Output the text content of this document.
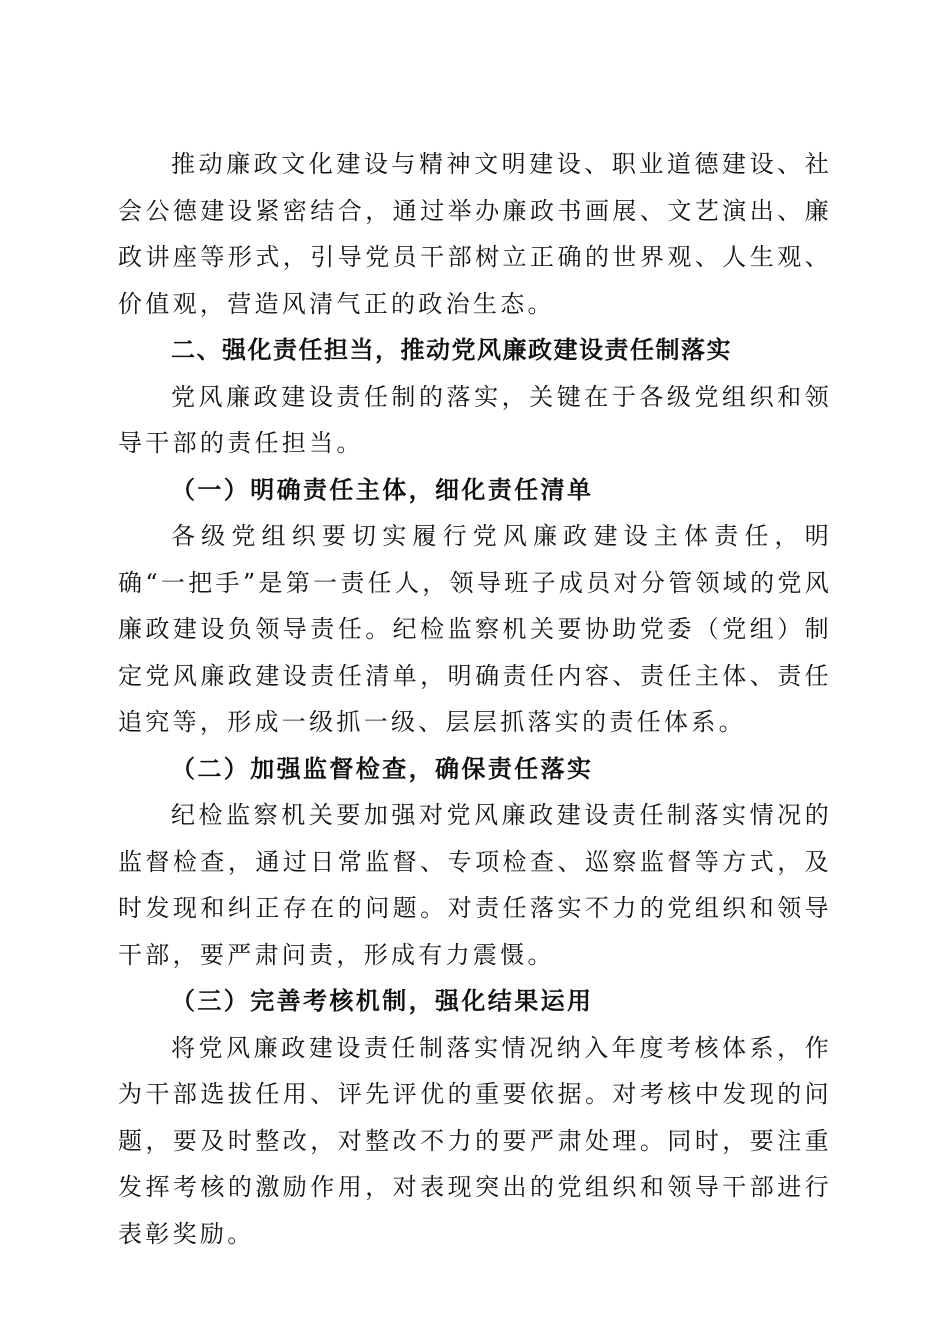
推动廉政文化建设与精神文明建设、职业道德建设、社会公德建设紧密结合，通过举办廉政书画展、文艺演出、廉政讲座等形式，引导党员干部树立正确的世界观、人生观、价值观，营造风清气正的政治生态。

二、强化责任担当，推动党风廉政建设责任制落实

党风廉政建设责任制的落实，关键在于各级党组织和领导干部的责任担当。

（一）明确责任主体，细化责任清单

各级党组织要切实履行党风廉政建设主体责任，明确“一把手”是第一责任人，领导班子成员对分管领域的党风廉政建设负领导责任。纪检监察机关要协助党委（党组）制定党风廉政建设责任清单，明确责任内容、责任主体、责任追究等，形成一级抓一级、层层抓落实的责任体系。

（二）加强监督检查，确保责任落实

纪检监察机关要加强对党风廉政建设责任制落实情况的监督检查，通过日常监督、专项检查、巡察监督等方式，及时发现和纠正存在的问题。对责任落实不力的党组织和领导干部，要严肃问责，形成有力震慑。

（三）完善考核机制，强化结果运用

将党风廉政建设责任制落实情况纳入年度考核体系，作为干部选拔任用、评先评优的重要依据。对考核中发现的问题，要及时整改，对整改不力的要严肃处理。同时，要注重发挥考核的激励作用，对表现突出的党组织和领导干部进行表彰奖励。
